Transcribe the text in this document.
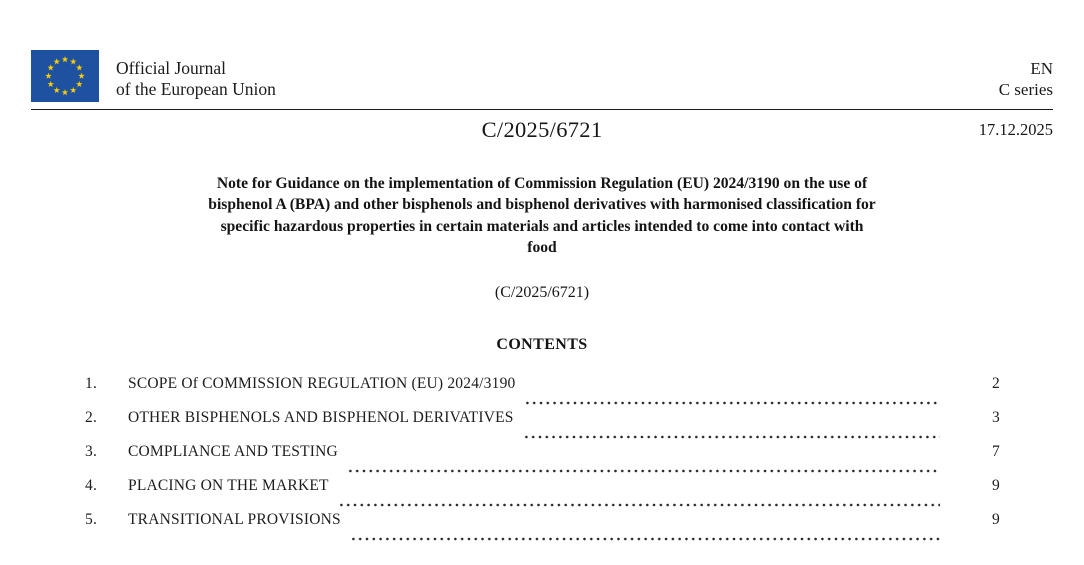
Official Journal
of the European Union
EN
C series
C/2025/6721	17.12.2025
Note for Guidance on the implementation of Commission Regulation (EU) 2024/3190 on the use of
bisphenol A (BPA) and other bisphenols and bisphenol derivatives with harmonised classification for
specific hazardous properties in certain materials and articles intended to come into contact with
food
(C/2025/6721)
CONTENTS
1.	SCOPE Of COMMISSION REGULATION (EU) 2024/3190	2
2.	OTHER BISPHENOLS AND BISPHENOL DERIVATIVES	3
3.	COMPLIANCE AND TESTING	7
4.	PLACING ON THE MARKET	9
5.	TRANSITIONAL PROVISIONS	9
